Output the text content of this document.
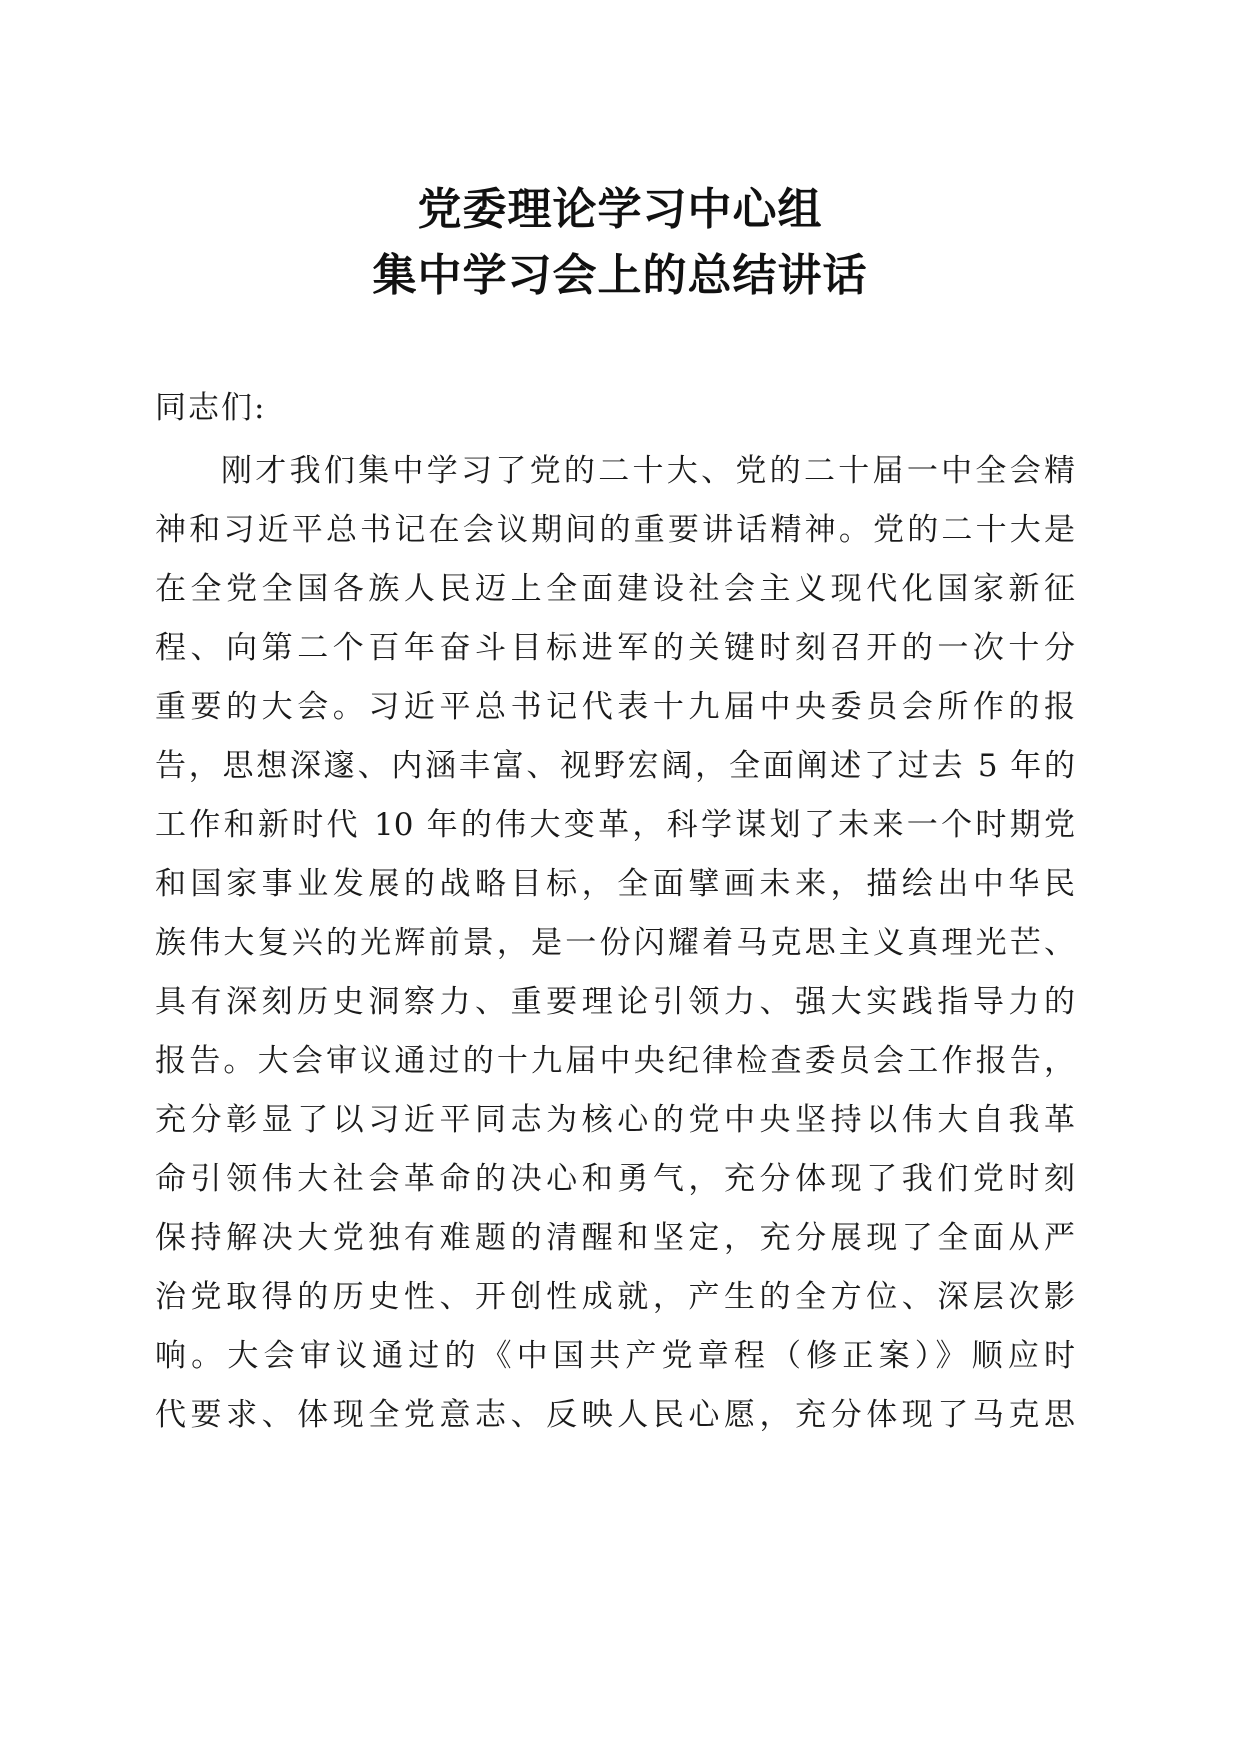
党委理论学习中心组
集中学习会上的总结讲话
同志们:
刚才我们集中学习了党的二十大、党的二十届一中全会精
神和习近平总书记在会议期间的重要讲话精神。党的二十大是
在全党全国各族人民迈上全面建设社会主义现代化国家新征
程、向第二个百年奋斗目标进军的关键时刻召开的一次十分
重要的大会。习近平总书记代表十九届中央委员会所作的报
告，思想深邃、内涵丰富、视野宏阔，全面阐述了过去 5 年的
工作和新时代 10 年的伟大变革，科学谋划了未来一个时期党
和国家事业发展的战略目标，全面擘画未来，描绘出中华民
族伟大复兴的光辉前景，是一份闪耀着马克思主义真理光芒、
具有深刻历史洞察力、重要理论引领力、强大实践指导力的
报告。大会审议通过的十九届中央纪律检查委员会工作报告，
充分彰显了以习近平同志为核心的党中央坚持以伟大自我革
命引领伟大社会革命的决心和勇气，充分体现了我们党时刻
保持解决大党独有难题的清醒和坚定，充分展现了全面从严
治党取得的历史性、开创性成就，产生的全方位、深层次影
响。大会审议通过的《中国共产党章程（修正案）》顺应时
代要求、体现全党意志、反映人民心愿，充分体现了马克思
